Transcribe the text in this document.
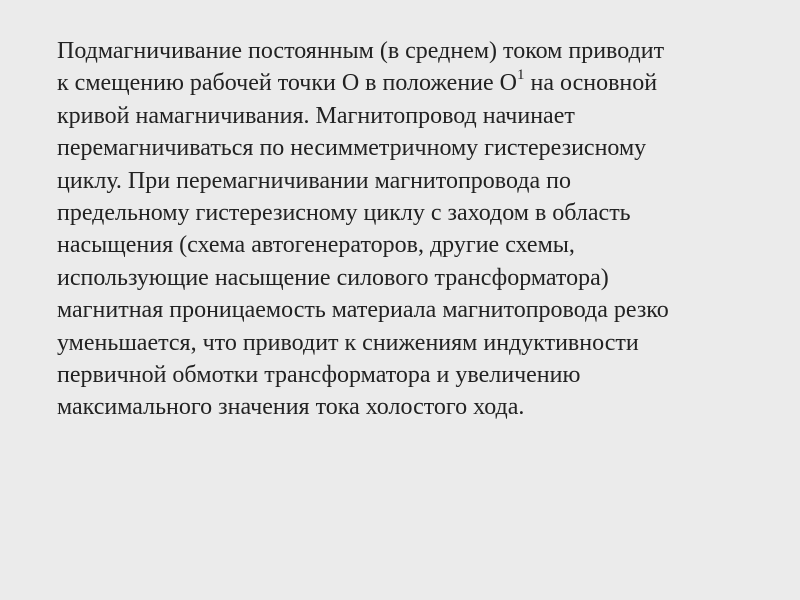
Подмагничивание постоянным (в среднем) током приводит
к смещению рабочей точки О в положение $О^1$ на основной
кривой намагничивания. Магнитопровод начинает
перемагничиваться по несимметричному гистерезисному
циклу. При перемагничивании магнитопровода по
предельному гистерезисному циклу с заходом в область
насыщения (схема автогенераторов, другие схемы,
использующие насыщение силового трансформатора)
магнитная проницаемость материала магнитопровода резко
уменьшается, что приводит к снижениям индуктивности
первичной обмотки трансформатора и увеличению
максимального значения тока холостого хода.
